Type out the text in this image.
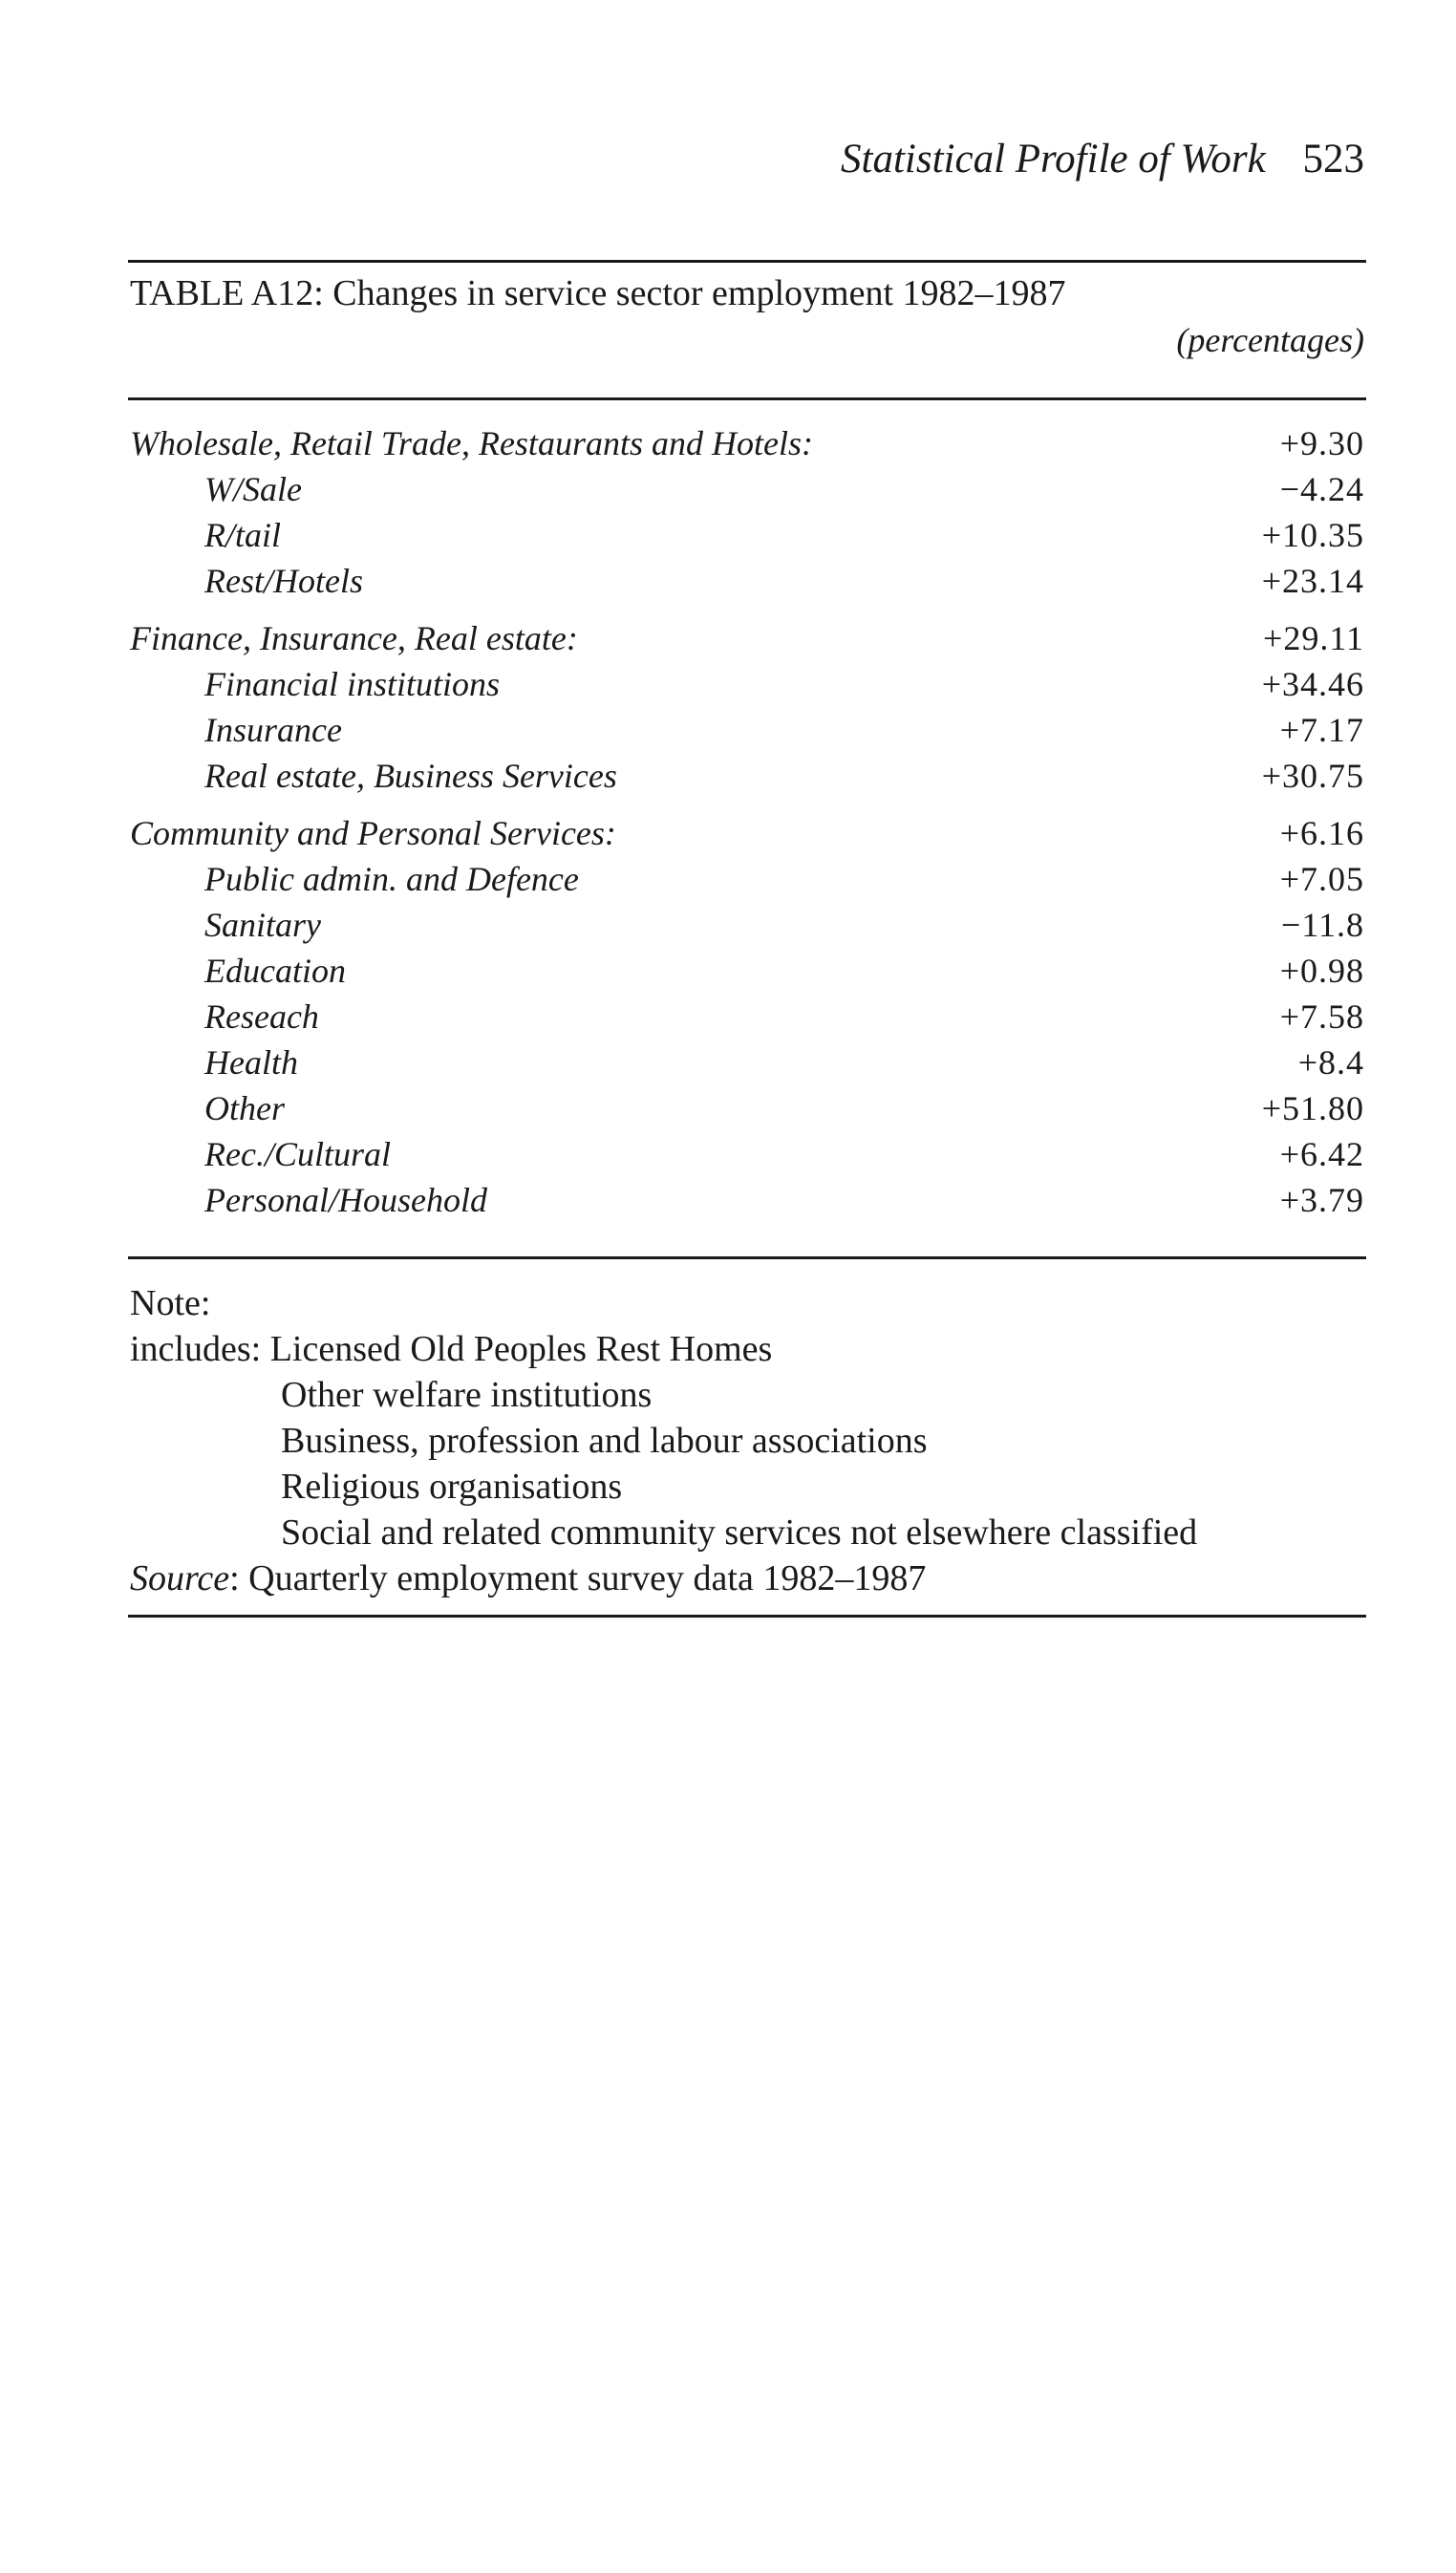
Statistical Profile of Work 523
TABLE A12: Changes in service sector employment 1982–1987
(percentages)
Wholesale, Retail Trade, Restaurants and Hotels:	+9.30
W/Sale	−4.24
R/tail	+10.35
Rest/Hotels	+23.14
Finance, Insurance, Real estate:	+29.11
Financial institutions	+34.46
Insurance	+7.17
Real estate, Business Services	+30.75
Community and Personal Services:	+6.16
Public admin. and Defence	+7.05
Sanitary	−11.8
Education	+0.98
Reseach	+7.58
Health	+8.4
Other	+51.80
Rec./Cultural	+6.42
Personal/Household	+3.79
Note:
includes: Licensed Old Peoples Rest Homes
Other welfare institutions
Business, profession and labour associations
Religious organisations
Social and related community services not elsewhere classified
Source: Quarterly employment survey data 1982–1987
